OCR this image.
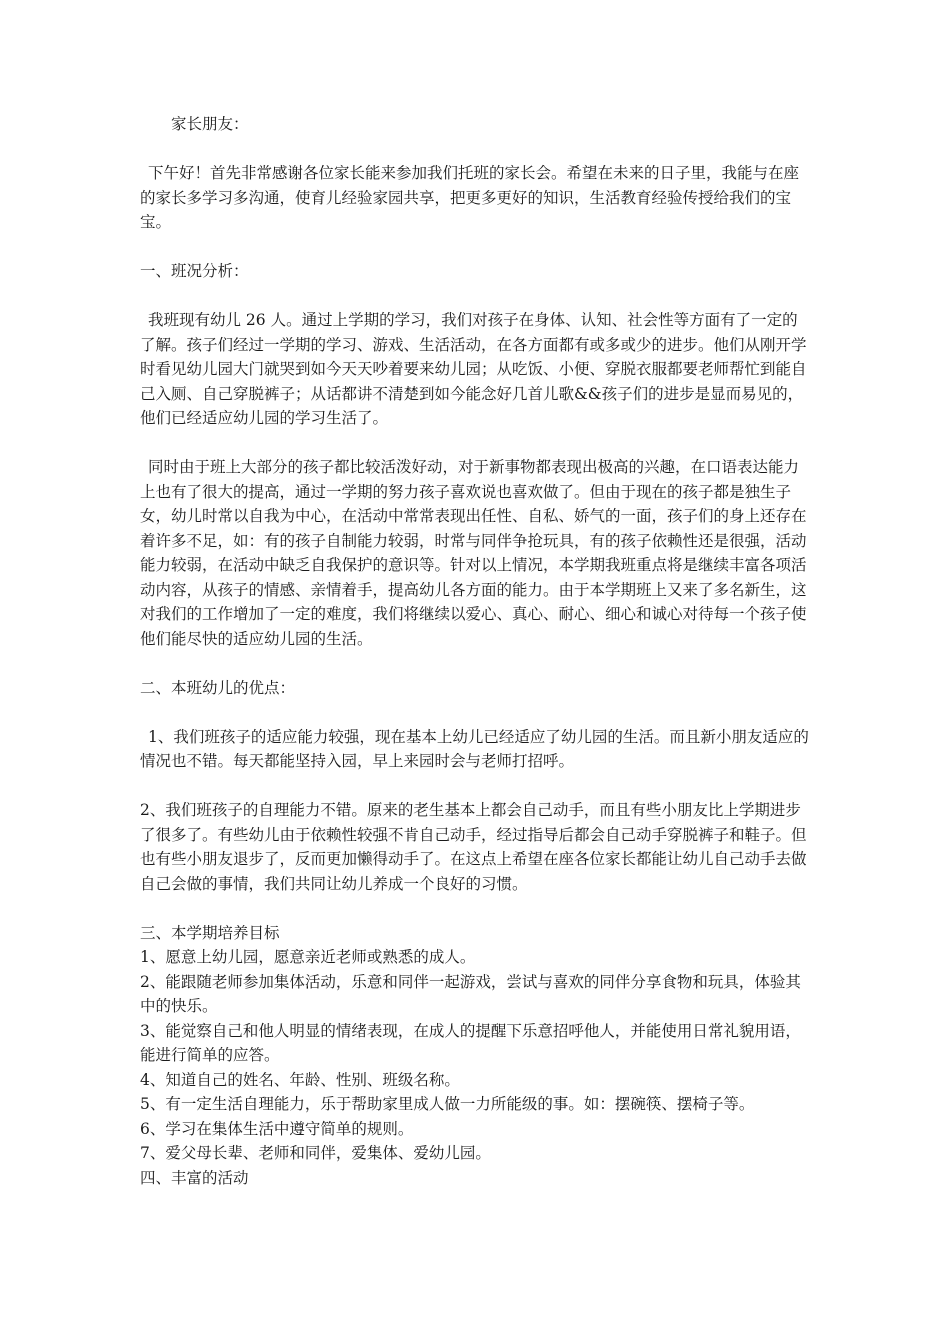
家长朋友：

下午好！首先非常感谢各位家长能来参加我们托班的家长会。希望在未来的日子里，我能与在座的家长多学习多沟通，使育儿经验家园共享，把更多更好的知识，生活教育经验传授给我们的宝宝。

一、班况分析：

我班现有幼儿 26 人。通过上学期的学习，我们对孩子在身体、认知、社会性等方面有了一定的了解。孩子们经过一学期的学习、游戏、生活活动，在各方面都有或多或少的进步。他们从刚开学时看见幼儿园大门就哭到如今天天吵着要来幼儿园；从吃饭、小便、穿脱衣服都要老师帮忙到能自己入厕、自己穿脱裤子；从话都讲不清楚到如今能念好几首儿歌&&孩子们的进步是显而易见的，他们已经适应幼儿园的学习生活了。

同时由于班上大部分的孩子都比较活泼好动，对于新事物都表现出极高的兴趣，在口语表达能力上也有了很大的提高，通过一学期的努力孩子喜欢说也喜欢做了。但由于现在的孩子都是独生子女，幼儿时常以自我为中心，在活动中常常表现出任性、自私、娇气的一面，孩子们的身上还存在着许多不足，如：有的孩子自制能力较弱，时常与同伴争抢玩具，有的孩子依赖性还是很强，活动能力较弱，在活动中缺乏自我保护的意识等。针对以上情况，本学期我班重点将是继续丰富各项活动内容，从孩子的情感、亲情着手，提高幼儿各方面的能力。由于本学期班上又来了多名新生，这对我们的工作增加了一定的难度，我们将继续以爱心、真心、耐心、细心和诚心对待每一个孩子使他们能尽快的适应幼儿园的生活。

二、本班幼儿的优点：

1、我们班孩子的适应能力较强，现在基本上幼儿已经适应了幼儿园的生活。而且新小朋友适应的情况也不错。每天都能坚持入园，早上来园时会与老师打招呼。

2、我们班孩子的自理能力不错。原来的老生基本上都会自己动手，而且有些小朋友比上学期进步了很多了。有些幼儿由于依赖性较强不肯自己动手，经过指导后都会自己动手穿脱裤子和鞋子。但也有些小朋友退步了，反而更加懒得动手了。在这点上希望在座各位家长都能让幼儿自己动手去做自己会做的事情，我们共同让幼儿养成一个良好的习惯。

三、本学期培养目标

1、愿意上幼儿园，愿意亲近老师或熟悉的成人。

2、能跟随老师参加集体活动，乐意和同伴一起游戏，尝试与喜欢的同伴分享食物和玩具，体验其中的快乐。

3、能觉察自己和他人明显的情绪表现，在成人的提醒下乐意招呼他人，并能使用日常礼貌用语，能进行简单的应答。

4、知道自己的姓名、年龄、性别、班级名称。

5、有一定生活自理能力，乐于帮助家里成人做一力所能级的事。如：摆碗筷、摆椅子等。

6、学习在集体生活中遵守简单的规则。

7、爱父母长辈、老师和同伴，爱集体、爱幼儿园。

四、丰富的活动
